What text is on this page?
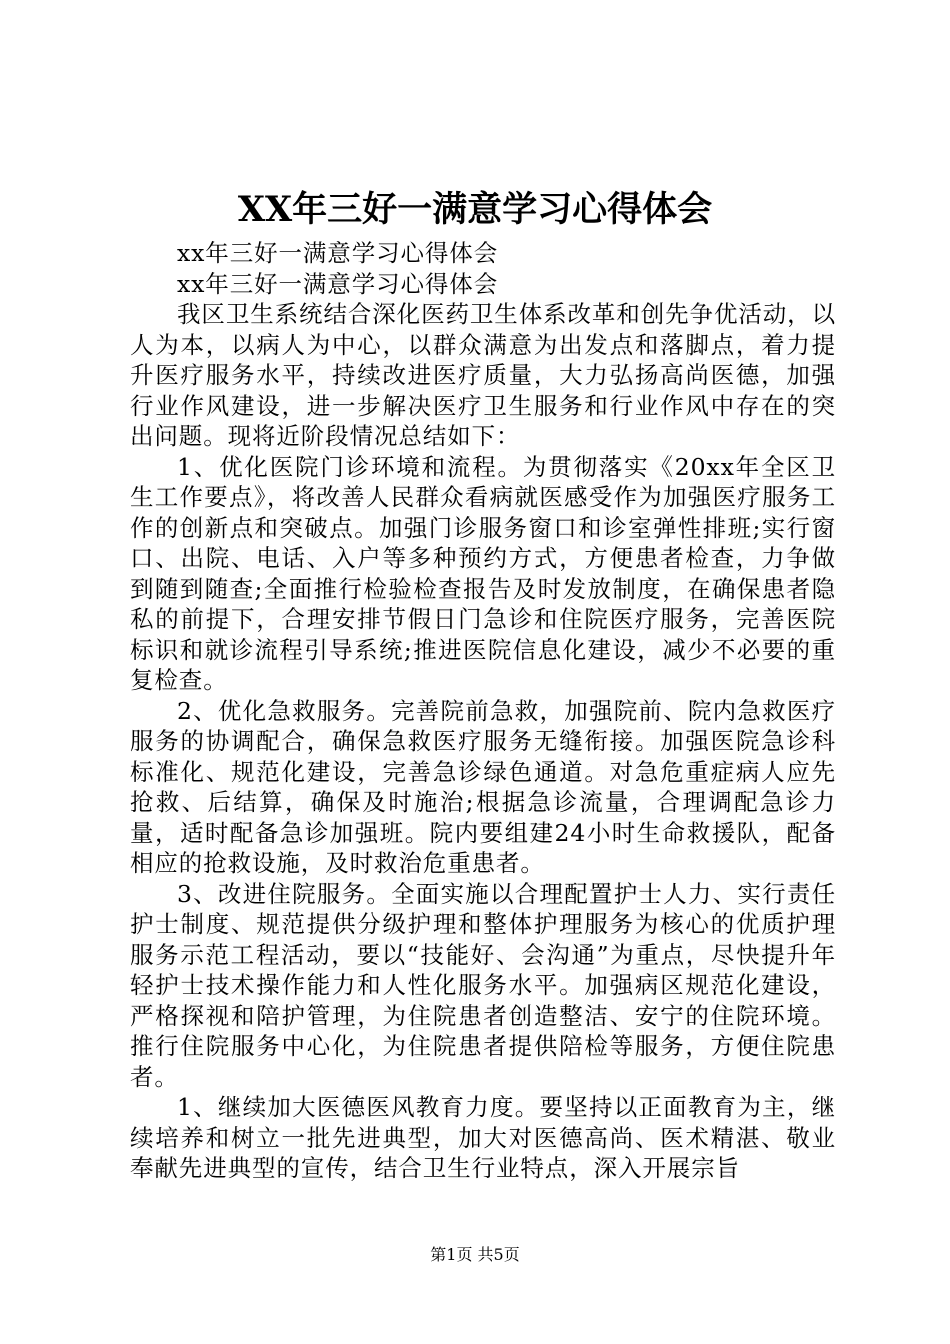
XX年三好一满意学习心得体会

xx年三好一满意学习心得体会

xx年三好一满意学习心得体会

我区卫生系统结合深化医药卫生体系改革和创先争优活动，以人为本，以病人为中心，以群众满意为出发点和落脚点，着力提升医疗服务水平，持续改进医疗质量，大力弘扬高尚医德，加强行业作风建设，进一步解决医疗卫生服务和行业作风中存在的突出问题。现将近阶段情况总结如下：

1、优化医院门诊环境和流程。为贯彻落实《20xx年全区卫生工作要点》，将改善人民群众看病就医感受作为加强医疗服务工作的创新点和突破点。加强门诊服务窗口和诊室弹性排班;实行窗口、出院、电话、入户等多种预约方式，方便患者检查，力争做到随到随查;全面推行检验检查报告及时发放制度，在确保患者隐私的前提下，合理安排节假日门急诊和住院医疗服务，完善医院标识和就诊流程引导系统;推进医院信息化建设，减少不必要的重复检查。

2、优化急救服务。完善院前急救，加强院前、院内急救医疗服务的协调配合，确保急救医疗服务无缝衔接。加强医院急诊科标准化、规范化建设，完善急诊绿色通道。对急危重症病人应先抢救、后结算，确保及时施治;根据急诊流量，合理调配急诊力量，适时配备急诊加强班。院内要组建24小时生命救援队，配备相应的抢救设施，及时救治危重患者。

3、改进住院服务。全面实施以合理配置护士人力、实行责任护士制度、规范提供分级护理和整体护理服务为核心的优质护理服务示范工程活动，要以“技能好、会沟通”为重点，尽快提升年轻护士技术操作能力和人性化服务水平。加强病区规范化建设，严格探视和陪护管理，为住院患者创造整洁、安宁的住院环境。推行住院服务中心化，为住院患者提供陪检等服务，方便住院患者。

1、继续加大医德医风教育力度。要坚持以正面教育为主，继续培养和树立一批先进典型，加大对医德高尚、医术精湛、敬业奉献先进典型的宣传，结合卫生行业特点，深入开展宗旨

第1页 共5页
